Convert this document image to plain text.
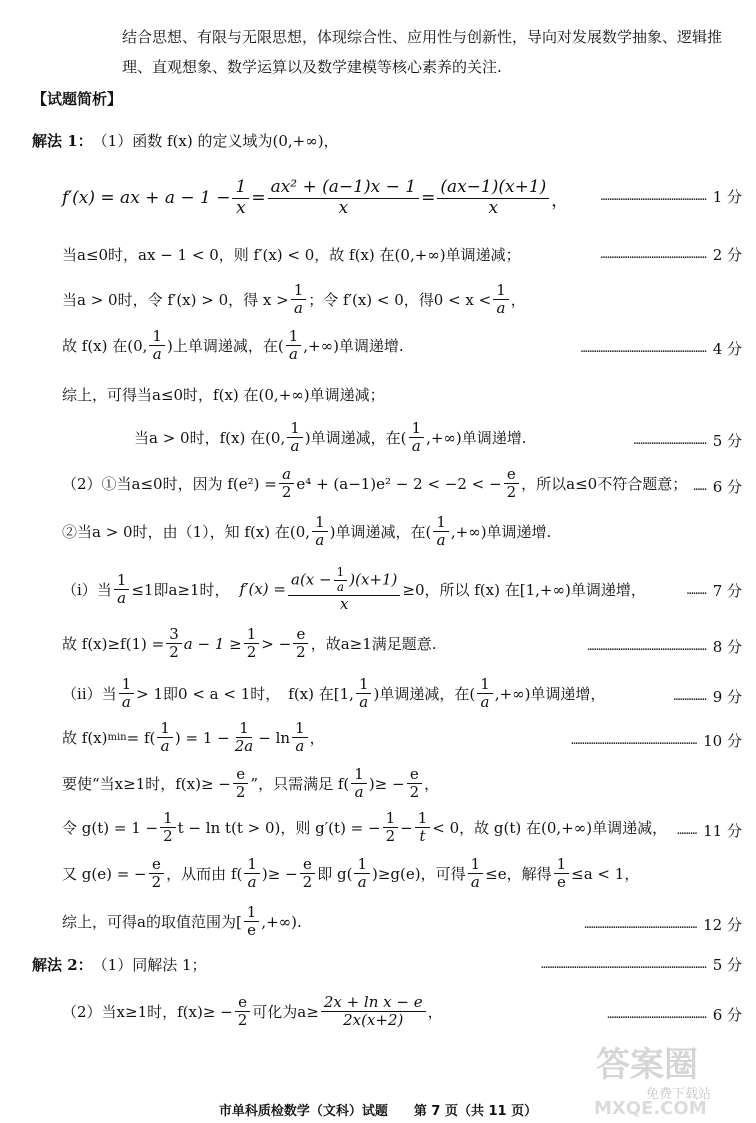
结合思想、有限与无限思想，体现综合性、应用性与创新性，导向对发展数学抽象、逻辑推
理、直观想象、数学运算以及数学建模等核心素养的关注.
【试题简析】
解法 1： （1）函数 f(x) 的定义域为(0,+∞)，
f′(x) = ax + $a - 1 - \frac{1}{x} = \frac{\text{ax² + (a−1)x − 1}}{x} = \frac{(ax-1)(x+1)}{x}$ ，	………………………………………… 1 分
当a≤0时，ax − 1 < 0，则 f′(x) < 0，故 f(x) 在(0,+∞)单调递减；	………………………………………… 2 分
当a > 0时，令 f′(x) > 0，得 $x > \frac{1}{a}$ ；令 f′(x) < 0，得$0 < x < \frac{1}{a}$ ，
故 f(x) 在(0, $\frac{1}{a}$ )上单调递减，在( $\frac{1}{a}$ ,+∞)单调递增.	………………………………………………… 4 分
综上，可得当a≤0时，f(x) 在(0,+∞)单调递减；
当a > 0时，f(x) 在(0, $\frac{1}{a}$ )单调递减，在( $\frac{1}{a}$ ,+∞)单调递增.	…………………………… 5 分
（2）①当a≤0时，因为 $f(e^2) = \frac{a}{2} e^4 + (a-1)e^2 - 2 < -2$ < − $\frac{e}{2}$ ，所以a≤0不符合题意； …… 6 分
②当a > 0时，由（1），知 f(x) 在(0, $\frac{1}{a}$ )单调递减，在( $\frac{1}{a}$ ,+∞)单调递增.
（ⅰ）当 $\frac{1}{a} \le 1$即a≥1时， $f'(x) = \frac{a(x - \frac{1}{a} )(x+1)}{x} \ge 0$，所以 f(x) 在[1,+∞)单调递增，	……… 7 分
故 $f(x)\ge f(1) = \frac{3}{2}$ $a - 1 \ge \frac{1}{2}$ > − $\frac{e}{2}$ ，故a≥1满足题意.	……………………………………………… 8 分
（ⅱ）当 $\frac{1}{a} > 1$即0 < a < 1时， f(x) 在[1, $\frac{1}{a}$ )单调递减，在( $\frac{1}{a}$ ,+∞)单调递增，	…………… 9 分
故 f(x) $\min = f( \frac{1}{a}$ ) = $1 - \frac{1}{2a} - \ln \frac{1}{a}$ ，	………………………………………………… 10 分
要使“当x≥1时，$f(x)\ge - \frac{e}{2}$ ”，只需满足 $f( \frac{1}{a}$ )≥ − $\frac{e}{2}$ ，
令 $g(t) = 1 - \frac{1}{2}$ t − ln t(t > 0)，则 g′(t) = − $\frac{1}{2} - \frac{1}{t} < 0$，故 g(t) 在(0,+∞)单调递减， ……… 11 分
又 g(e) = − $\frac{e}{2}$ ，从而由 $f( \frac{1}{a}$ )≥ − $\frac{e}{2}$ 即 $g( \frac{1}{a} )\ge g(e)$，可得 $\frac{1}{a} \le e$，解得 $\frac{1}{e} \le a < 1$，
综上，可得a的取值范围为[ $\frac{1}{e}$ ,+∞).	…………………………………………… 12 分
解法 2： （1）同解法 1；	………………………………………………………………… 5 分
（2）当x≥1时，$f(x)\ge - \frac{e}{2}$ 可化为$a\ge \frac{\text{2x + ln x − e}}{2x(x+2)}$ ，	……………………………………… 6 分
答案圈
免费下载站
MXQE.COM
市单科质检数学（文科）试题　　第 7 页（共 11 页）
